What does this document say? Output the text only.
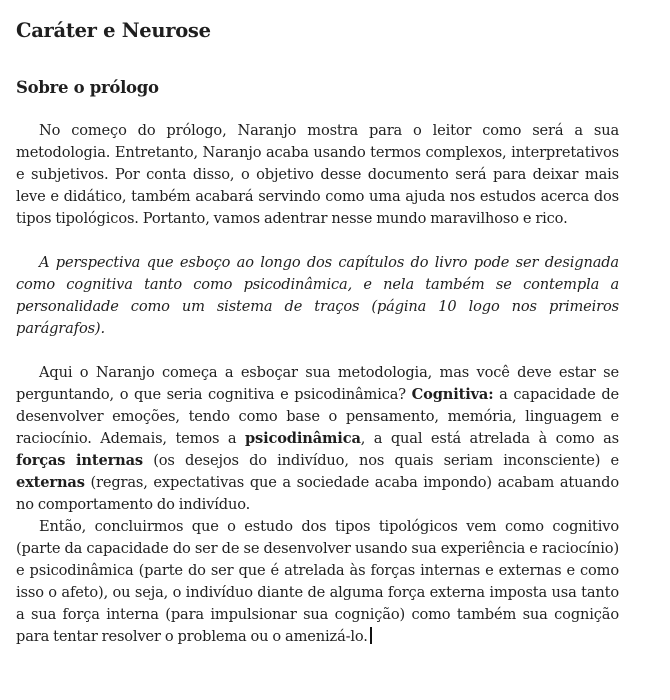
Caráter e Neurose
Sobre o prólogo

No começo do prólogo, Naranjo mostra para o leitor como será a sua metodologia. Entretanto, Naranjo acaba usando termos complexos, interpretativos e subjetivos. Por conta disso, o objetivo desse documento será para deixar mais leve e didático, também acabará servindo como uma ajuda nos estudos acerca dos tipos tipológicos. Portanto, vamos adentrar nesse mundo maravilhoso e rico.

A perspectiva que esboço ao longo dos capítulos do livro pode ser designada como cognitiva tanto como psicodinâmica, e nela também se contempla a personalidade como um sistema de traços (página 10 logo nos primeiros parágrafos).

Aqui o Naranjo começa a esboçar sua metodologia, mas você deve estar se perguntando, o que seria cognitiva e psicodinâmica? Cognitiva: a capacidade de desenvolver emoções, tendo como base o pensamento, memória, linguagem e raciocínio. Ademais, temos a psicodinâmica, a qual está atrelada à como as forças internas (os desejos do indivíduo, nos quais seriam inconsciente) e externas (regras, expectativas que a sociedade acaba impondo) acabam atuando no comportamento do indivíduo.

Então, concluirmos que o estudo dos tipos tipológicos vem como cognitivo (parte da capacidade do ser de se desenvolver usando sua experiência e raciocínio) e psicodinâmica (parte do ser que é atrelada às forças internas e externas e como isso o afeto), ou seja, o indivíduo diante de alguma força externa imposta usa tanto a sua força interna (para impulsionar sua cognição) como também sua cognição para tentar resolver o problema ou o amenizá-lo.
